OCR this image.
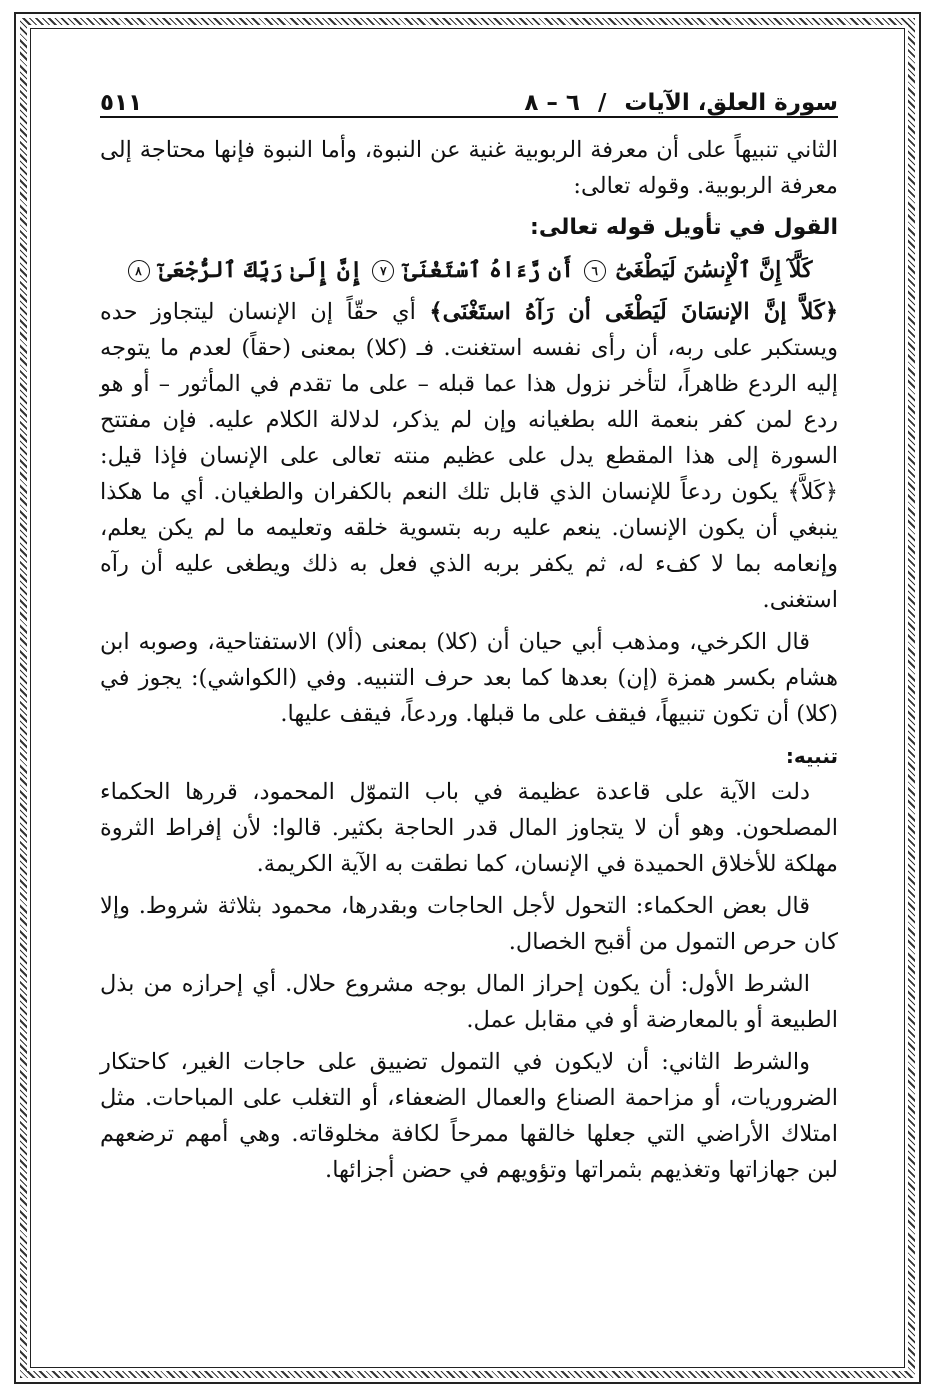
سورة العلق، الآيات / ٦ – ٨
٥١١

الثاني تنبيهاً على أن معرفة الربوبية غنية عن النبوة، وأما النبوة فإنها محتاجة إلى معرفة الربوبية. وقوله تعالى:

القول في تأويل قوله تعالى:

كَلَّآ إِنَّ ٱلْإِنسَٰنَ لَيَطْغَىٰٓ ٦ أَن رَّءَاهُ ٱسْتَغْنَىٰٓ ٧ إِنَّ إِلَىٰ رَبِّكَ ٱلرُّجْعَىٰٓ ٨

﴿كَلاَّ إنَّ الإنسَانَ لَيَطْغَى أن رَآهُ استَغْنَى﴾ أي حقّاً إن الإنسان ليتجاوز حده ويستكبر على ربه، أن رأى نفسه استغنت. فـ (كلا) بمعنى (حقاً) لعدم ما يتوجه إليه الردع ظاهراً، لتأخر نزول هذا عما قبله – على ما تقدم في المأثور – أو هو ردع لمن كفر بنعمة الله بطغيانه وإن لم يذكر، لدلالة الكلام عليه. فإن مفتتح السورة إلى هذا المقطع يدل على عظيم منته تعالى على الإنسان فإذا قيل: ﴿كَلاَّ﴾ يكون ردعاً للإنسان الذي قابل تلك النعم بالكفران والطغيان. أي ما هكذا ينبغي أن يكون الإنسان. ينعم عليه ربه بتسوية خلقه وتعليمه ما لم يكن يعلم، وإنعامه بما لا كفء له، ثم يكفر بربه الذي فعل به ذلك ويطغى عليه أن رآه استغنى.

قال الكرخي، ومذهب أبي حيان أن (كلا) بمعنى (ألا) الاستفتاحية، وصوبه ابن هشام بكسر همزة (إن) بعدها كما بعد حرف التنبيه. وفي (الكواشي): يجوز في (كلا) أن تكون تنبيهاً، فيقف على ما قبلها. وردعاً، فيقف عليها.

تنبيه:

دلت الآية على قاعدة عظيمة في باب التموّل المحمود، قررها الحكماء المصلحون. وهو أن لا يتجاوز المال قدر الحاجة بكثير. قالوا: لأن إفراط الثروة مهلكة للأخلاق الحميدة في الإنسان، كما نطقت به الآية الكريمة.

قال بعض الحكماء: التحول لأجل الحاجات وبقدرها، محمود بثلاثة شروط. وإلا كان حرص التمول من أقبح الخصال.

الشرط الأول: أن يكون إحراز المال بوجه مشروع حلال. أي إحرازه من بذل الطبيعة أو بالمعارضة أو في مقابل عمل.

والشرط الثاني: أن لايكون في التمول تضييق على حاجات الغير، كاحتكار الضروريات، أو مزاحمة الصناع والعمال الضعفاء، أو التغلب على المباحات. مثل امتلاك الأراضي التي جعلها خالقها ممرحاً لكافة مخلوقاته. وهي أمهم ترضعهم لبن جهازاتها وتغذيهم بثمراتها وتؤويهم في حضن أجزائها.
